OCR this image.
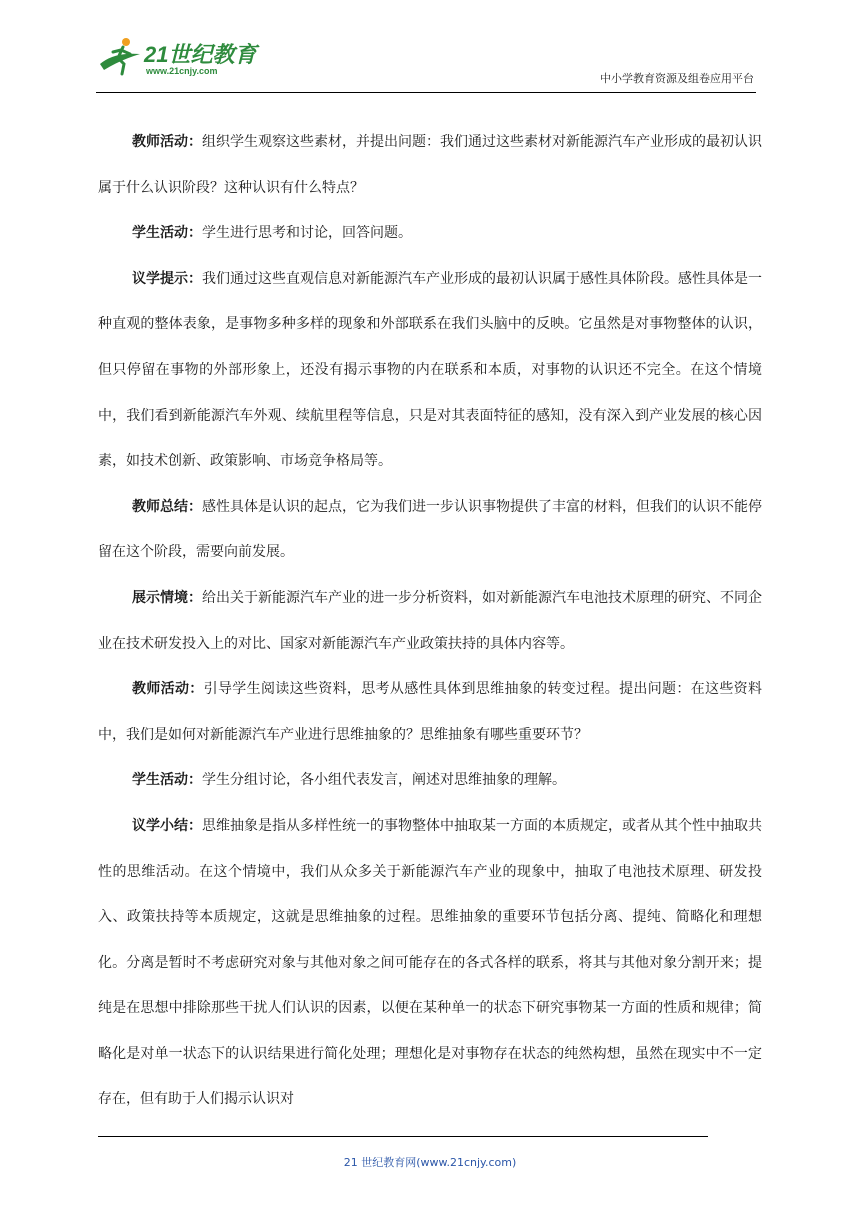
21世纪教育
www.21cnjy.com
中小学教育资源及组卷应用平台

教师活动：组织学生观察这些素材，并提出问题：我们通过这些素材对新能源汽车产业形成的最初认识属于什么认识阶段？这种认识有什么特点？

学生活动：学生进行思考和讨论，回答问题。

议学提示：我们通过这些直观信息对新能源汽车产业形成的最初认识属于感性具体阶段。感性具体是一种直观的整体表象，是事物多种多样的现象和外部联系在我们头脑中的反映。它虽然是对事物整体的认识，但只停留在事物的外部形象上，还没有揭示事物的内在联系和本质，对事物的认识还不完全。在这个情境中，我们看到新能源汽车外观、续航里程等信息，只是对其表面特征的感知，没有深入到产业发展的核心因素，如技术创新、政策影响、市场竞争格局等。

教师总结：感性具体是认识的起点，它为我们进一步认识事物提供了丰富的材料，但我们的认识不能停留在这个阶段，需要向前发展。

展示情境：给出关于新能源汽车产业的进一步分析资料，如对新能源汽车电池技术原理的研究、不同企业在技术研发投入上的对比、国家对新能源汽车产业政策扶持的具体内容等。

教师活动：引导学生阅读这些资料，思考从感性具体到思维抽象的转变过程。提出问题：在这些资料中，我们是如何对新能源汽车产业进行思维抽象的？思维抽象有哪些重要环节？

学生活动：学生分组讨论，各小组代表发言，阐述对思维抽象的理解。

议学小结：思维抽象是指从多样性统一的事物整体中抽取某一方面的本质规定，或者从其个性中抽取共性的思维活动。在这个情境中，我们从众多关于新能源汽车产业的现象中，抽取了电池技术原理、研发投入、政策扶持等本质规定，这就是思维抽象的过程。思维抽象的重要环节包括分离、提纯、简略化和理想化。分离是暂时不考虑研究对象与其他对象之间可能存在的各式各样的联系，将其与其他对象分割开来；提纯是在思想中排除那些干扰人们认识的因素，以便在某种单一的状态下研究事物某一方面的性质和规律；简略化是对单一状态下的认识结果进行简化处理；理想化是对事物存在状态的纯然构想，虽然在现实中不一定存在，但有助于人们揭示认识对

21 世纪教育网(www.21cnjy.com)
